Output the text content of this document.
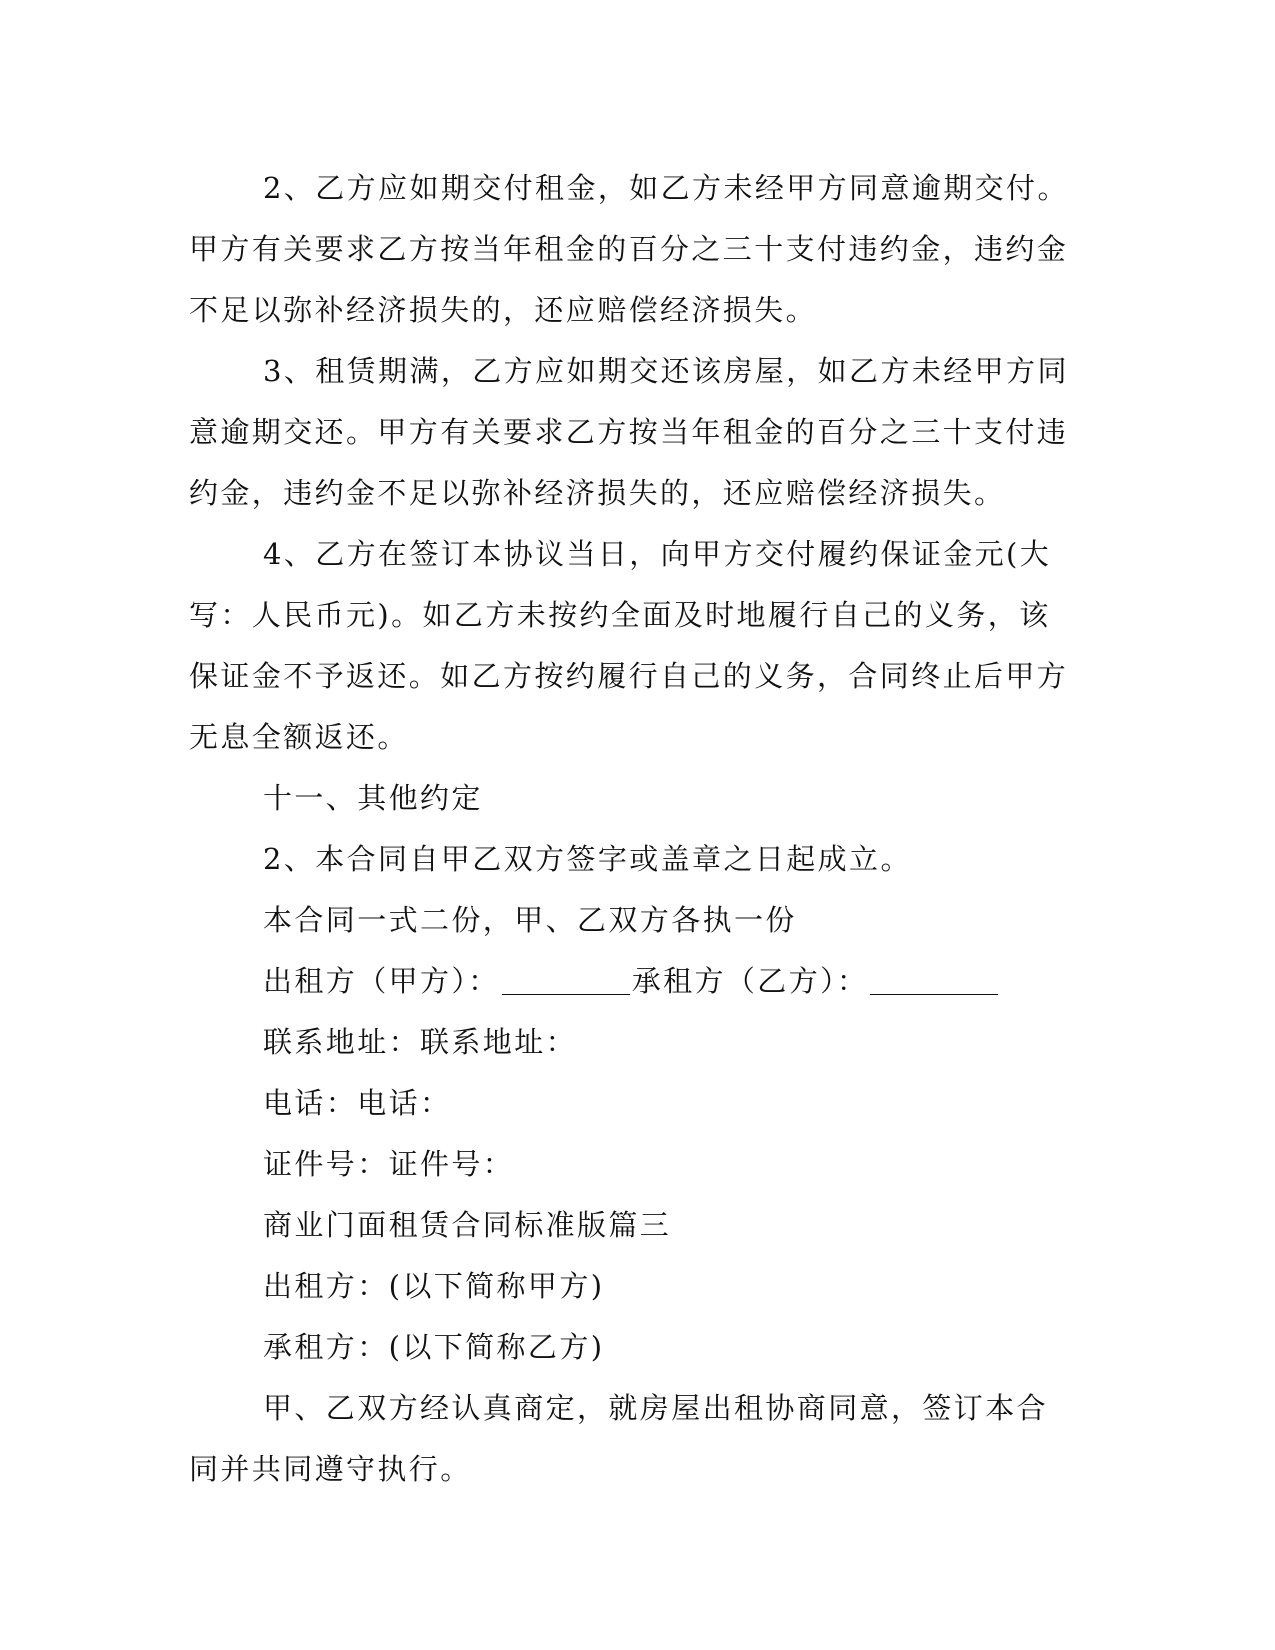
2、乙方应如期交付租金，如乙方未经甲方同意逾期交付。甲方有关要求乙方按当年租金的百分之三十支付违约金，违约金不足以弥补经济损失的，还应赔偿经济损失。

3、租赁期满，乙方应如期交还该房屋，如乙方未经甲方同意逾期交还。甲方有关要求乙方按当年租金的百分之三十支付违约金，违约金不足以弥补经济损失的，还应赔偿经济损失。

4、乙方在签订本协议当日，向甲方交付履约保证金元(大写：人民币元)。如乙方未按约全面及时地履行自己的义务，该保证金不予返还。如乙方按约履行自己的义务，合同终止后甲方无息全额返还。

十一、其他约定

2、本合同自甲乙双方签字或盖章之日起成立。

本合同一式二份，甲、乙双方各执一份

出租方（甲方）：	承租方（乙方）：

联系地址：联系地址：

电话：电话：

证件号：证件号：

商业门面租赁合同标准版篇三

出租方：(以下简称甲方)

承租方：(以下简称乙方)

甲、乙双方经认真商定，就房屋出租协商同意，签订本合同并共同遵守执行。
